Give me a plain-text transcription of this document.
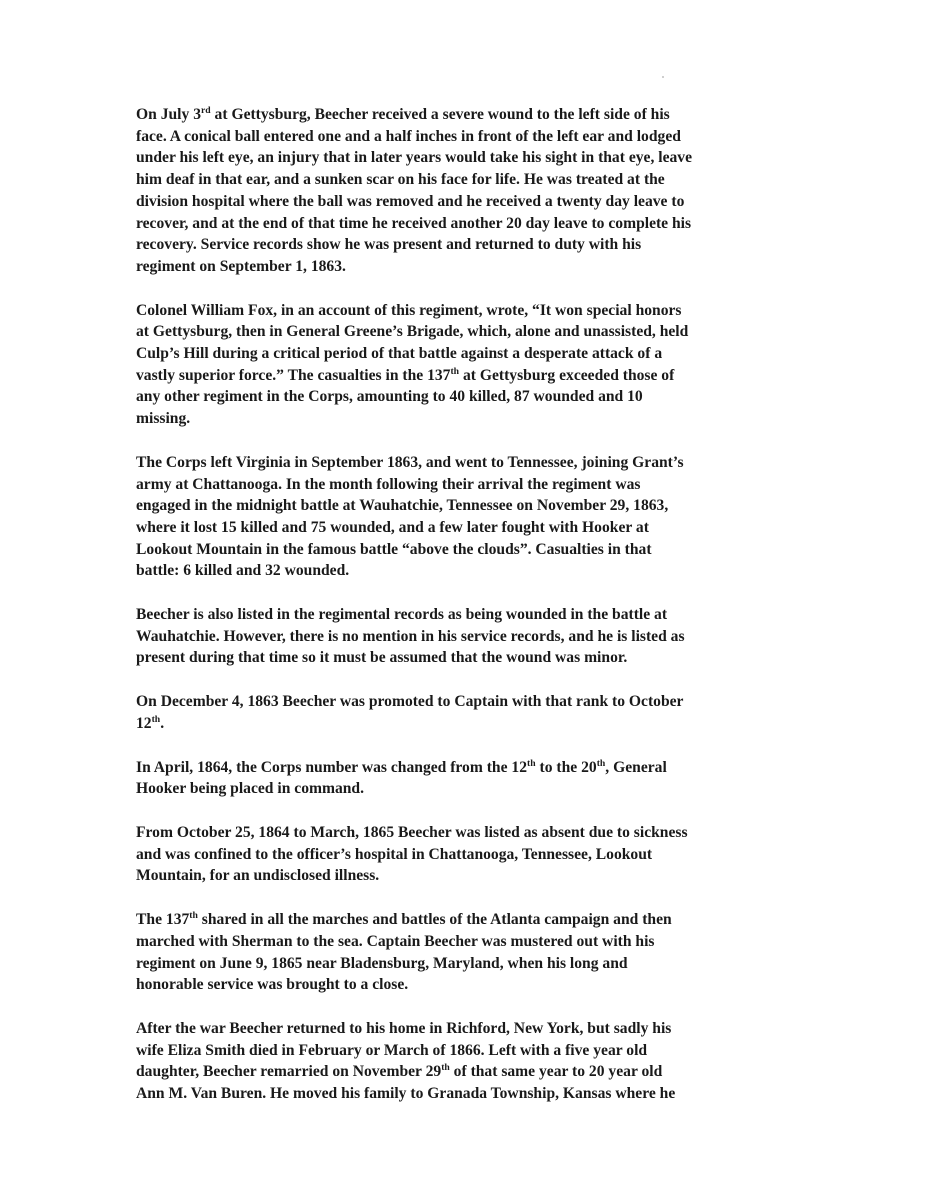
On July 3rd at Gettysburg, Beecher received a severe wound to the left side of his
face. A conical ball entered one and a half inches in front of the left ear and lodged
under his left eye, an injury that in later years would take his sight in that eye, leave
him deaf in that ear, and a sunken scar on his face for life. He was treated at the
division hospital where the ball was removed and he received a twenty day leave to
recover, and at the end of that time he received another 20 day leave to complete his
recovery. Service records show he was present and returned to duty with his
regiment on September 1, 1863.

Colonel William Fox, in an account of this regiment, wrote, “It won special honors
at Gettysburg, then in General Greene’s Brigade, which, alone and unassisted, held
Culp’s Hill during a critical period of that battle against a desperate attack of a
vastly superior force.” The casualties in the 137th at Gettysburg exceeded those of
any other regiment in the Corps, amounting to 40 killed, 87 wounded and 10
missing.

The Corps left Virginia in September 1863, and went to Tennessee, joining Grant’s
army at Chattanooga. In the month following their arrival the regiment was
engaged in the midnight battle at Wauhatchie, Tennessee on November 29, 1863,
where it lost 15 killed and 75 wounded, and a few later fought with Hooker at
Lookout Mountain in the famous battle “above the clouds”. Casualties in that
battle: 6 killed and 32 wounded.

Beecher is also listed in the regimental records as being wounded in the battle at
Wauhatchie. However, there is no mention in his service records, and he is listed as
present during that time so it must be assumed that the wound was minor.

On December 4, 1863 Beecher was promoted to Captain with that rank to October
12th.

In April, 1864, the Corps number was changed from the 12th to the 20th, General
Hooker being placed in command.

From October 25, 1864 to March, 1865 Beecher was listed as absent due to sickness
and was confined to the officer’s hospital in Chattanooga, Tennessee, Lookout
Mountain, for an undisclosed illness.

The 137th shared in all the marches and battles of the Atlanta campaign and then
marched with Sherman to the sea. Captain Beecher was mustered out with his
regiment on June 9, 1865 near Bladensburg, Maryland, when his long and
honorable service was brought to a close.

After the war Beecher returned to his home in Richford, New York, but sadly his
wife Eliza Smith died in February or March of 1866. Left with a five year old
daughter, Beecher remarried on November 29th of that same year to 20 year old
Ann M. Van Buren. He moved his family to Granada Township, Kansas where he
